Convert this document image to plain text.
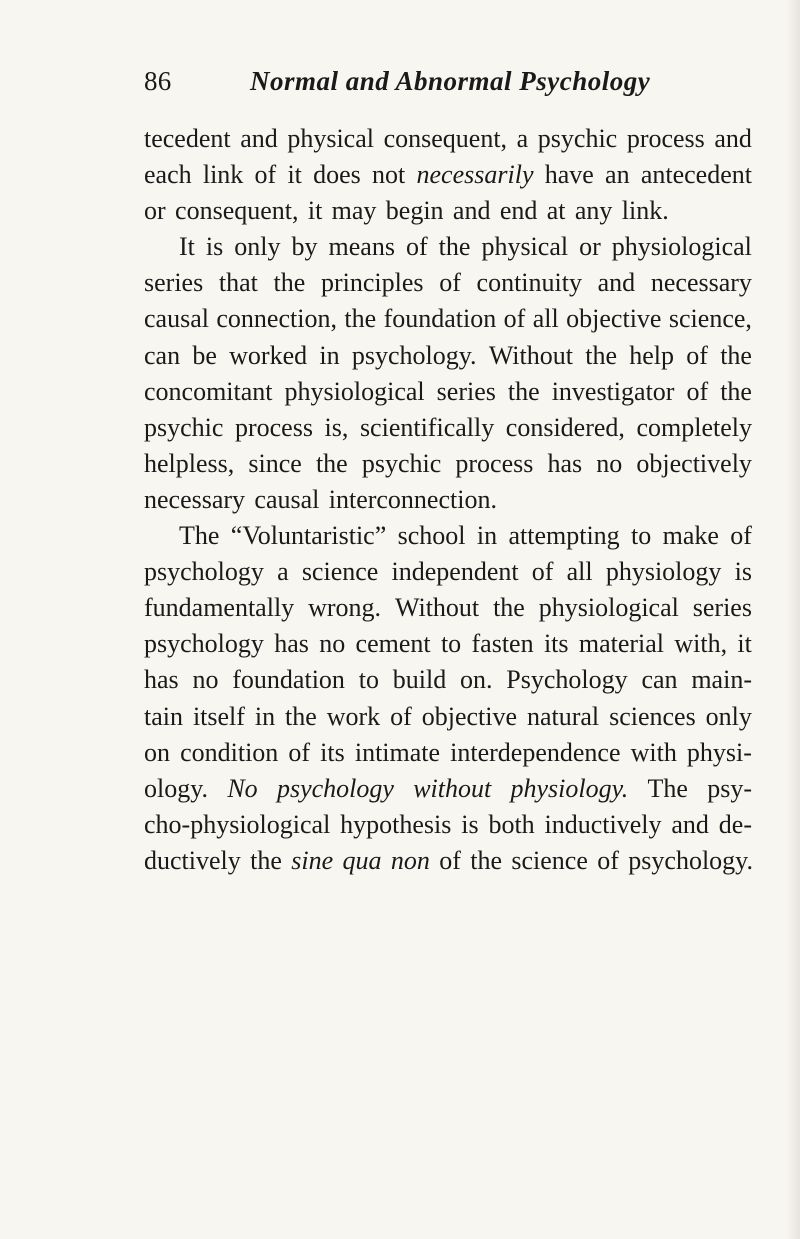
86	Normal and Abnormal Psychology
tecedent and physical consequent, a psychic process and
each link of it does not necessarily have an antecedent
or consequent, it may begin and end at any link.
It is only by means of the physical or physiological
series that the principles of continuity and necessary
causal connection, the foundation of all objective science,
can be worked in psychology. Without the help of the
concomitant physiological series the investigator of the
psychic process is, scientifically considered, completely
helpless, since the psychic process has no objectively
necessary causal interconnection.
The “Voluntaristic” school in attempting to make of
psychology a science independent of all physiology is
fundamentally wrong. Without the physiological series
psychology has no cement to fasten its material with, it
has no foundation to build on. Psychology can main-
tain itself in the work of objective natural sciences only
on condition of its intimate interdependence with physi-
ology. No psychology without physiology. The psy-
cho-physiological hypothesis is both inductively and de-
ductively the sine qua non of the science of psychology.
